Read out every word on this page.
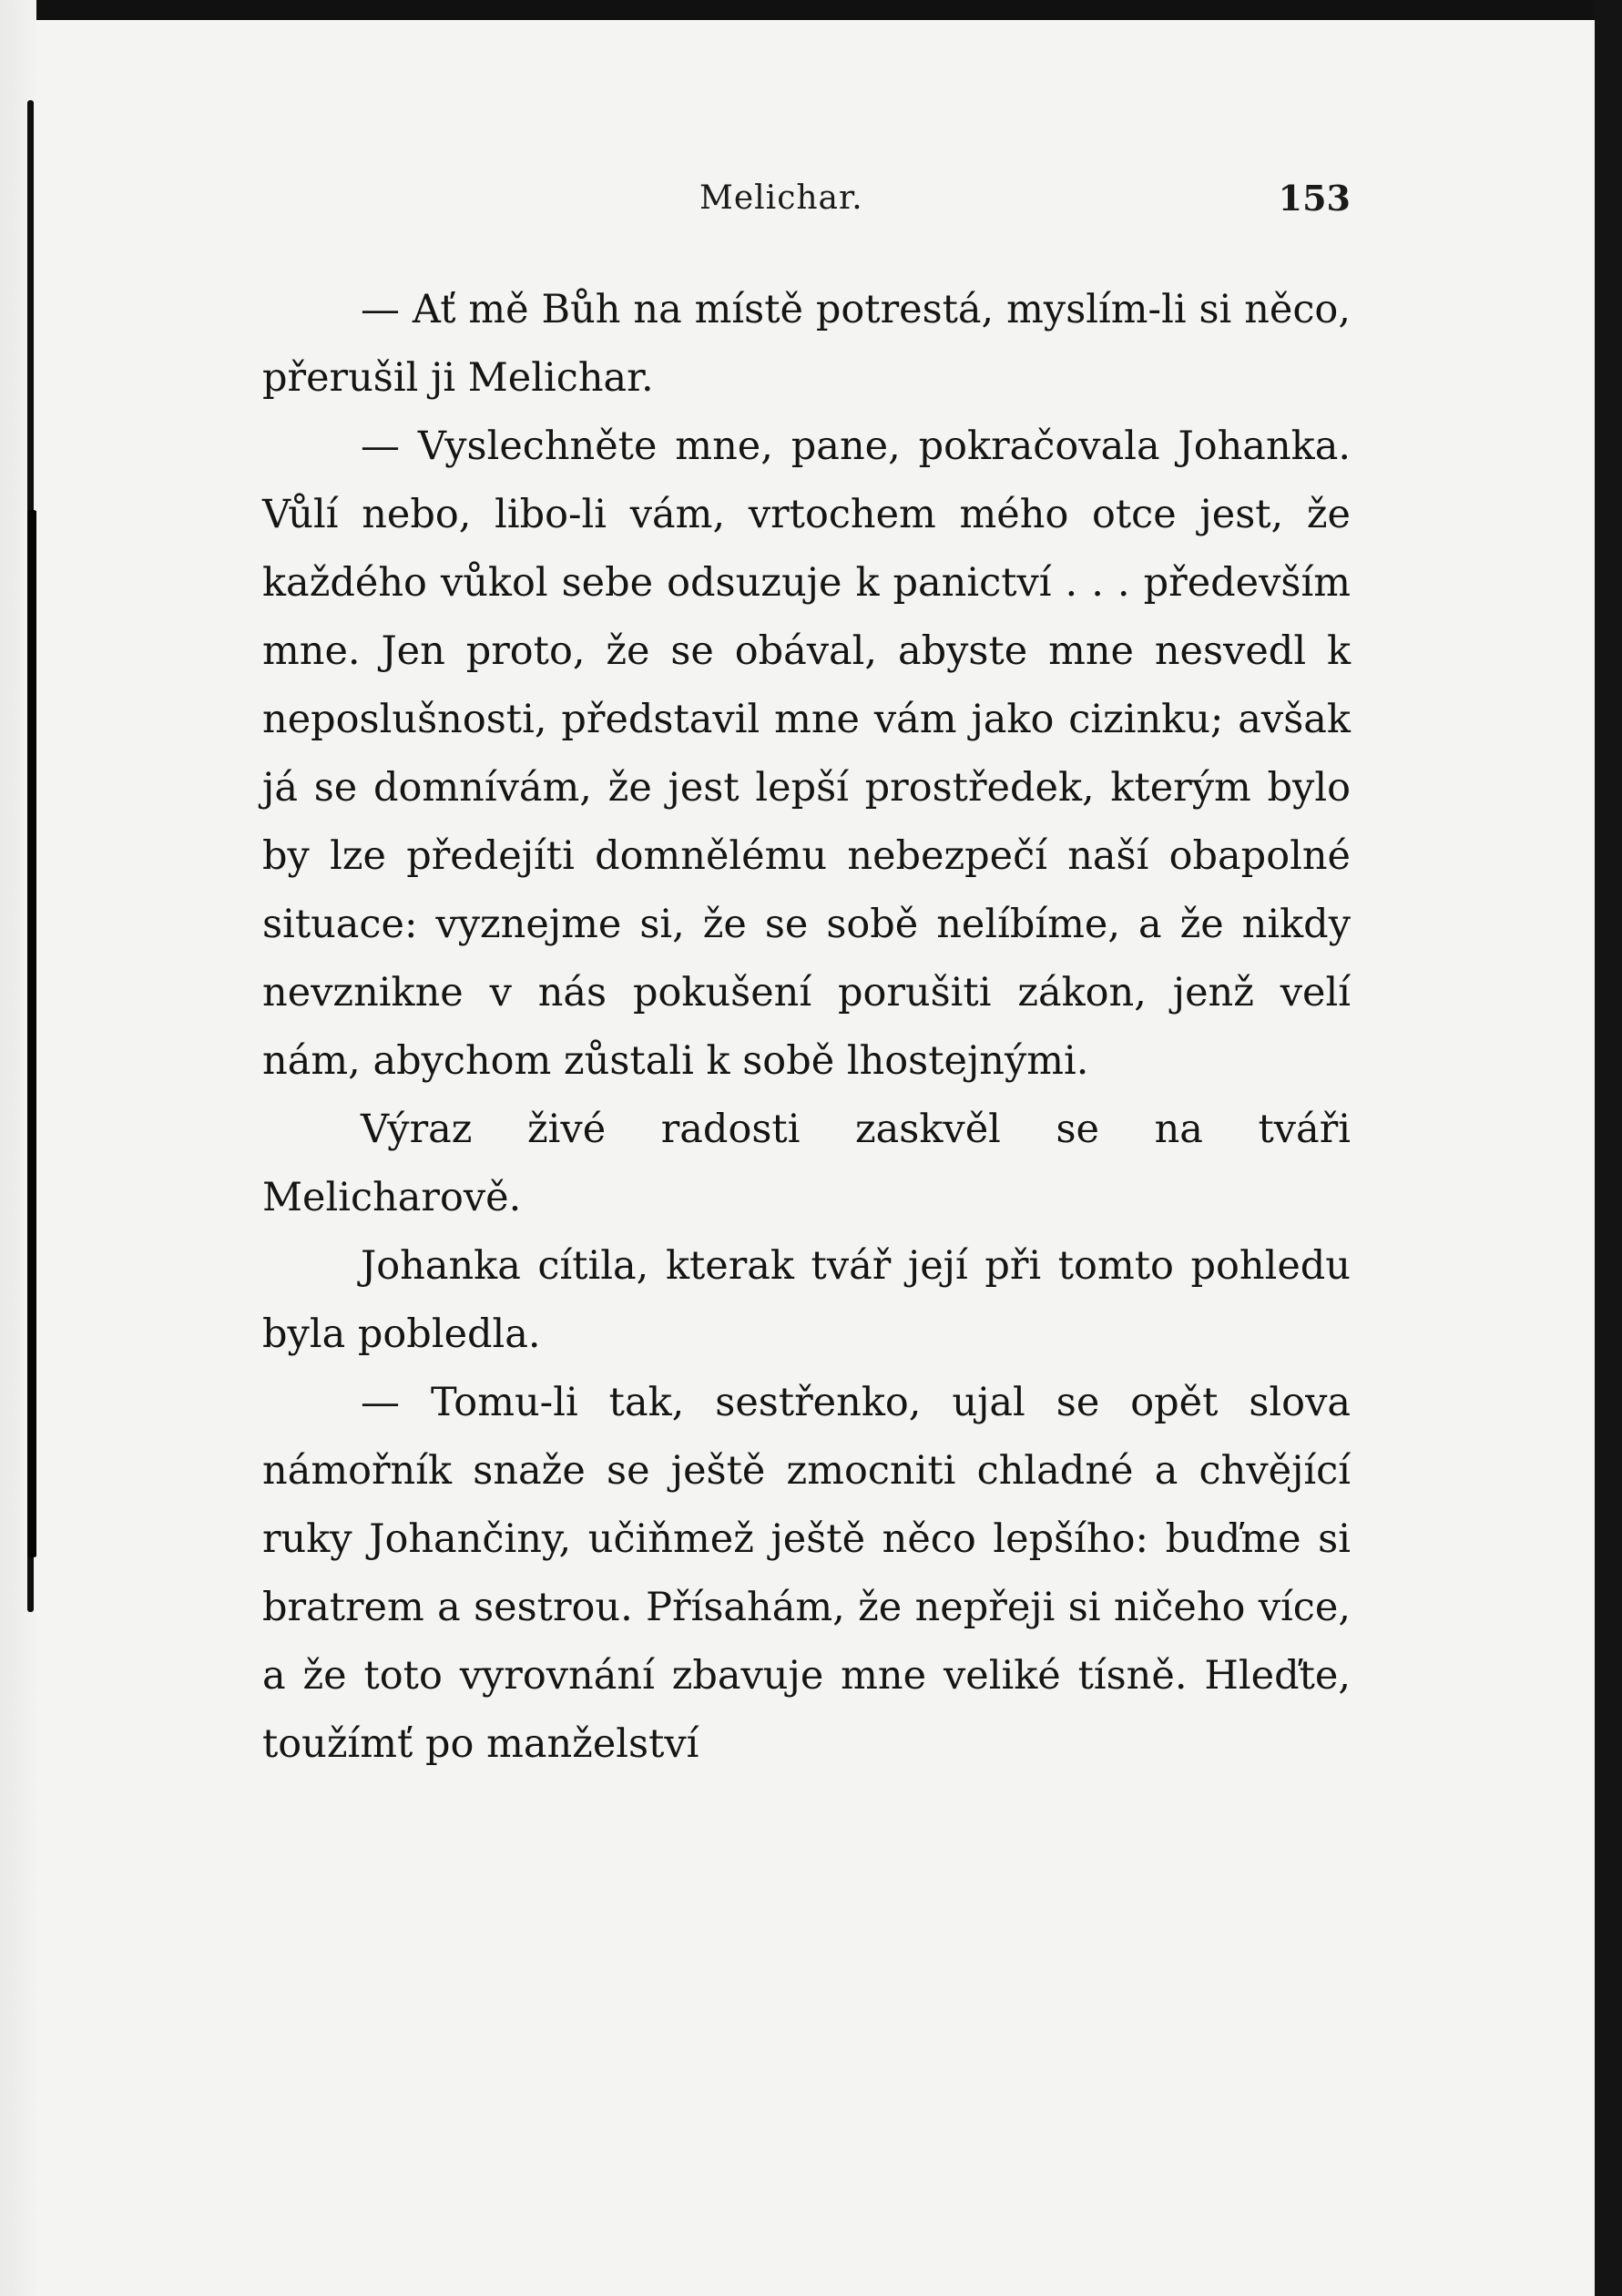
Melichar.	153

— Ať mě Bůh na místě potrestá, myslím-li si něco, přerušil ji Melichar.

— Vyslechněte mne, pane, pokračovala Johanka. Vůlí nebo, libo-li vám, vrtochem mého otce jest, že každého vůkol sebe odsuzuje k panictví . . . především mne. Jen proto, že se obával, abyste mne nesvedl k neposlušnosti, představil mne vám jako cizinku; avšak já se domnívám, že jest lepší prostředek, kterým bylo by lze předejíti domnělému nebezpečí naší obapolné situace: vyznejme si, že se sobě nelíbíme, a že nikdy nevznikne v nás pokušení porušiti zákon, jenž velí nám, abychom zůstali k sobě lhostejnými.

Výraz živé radosti zaskvěl se na tváři Melicharově.

Johanka cítila, kterak tvář její při tomto pohledu byla pobledla.

— Tomu-li tak, sestřenko, ujal se opět slova námořník snaže se ještě zmocniti chladné a chvějící ruky Johančiny, učiňmež ještě něco lepšího: buďme si bratrem a sestrou. Přísahám, že nepřeji si ničeho více, a že toto vyrovnání zbavuje mne veliké tísně. Hleďte, toužímť po manželství
